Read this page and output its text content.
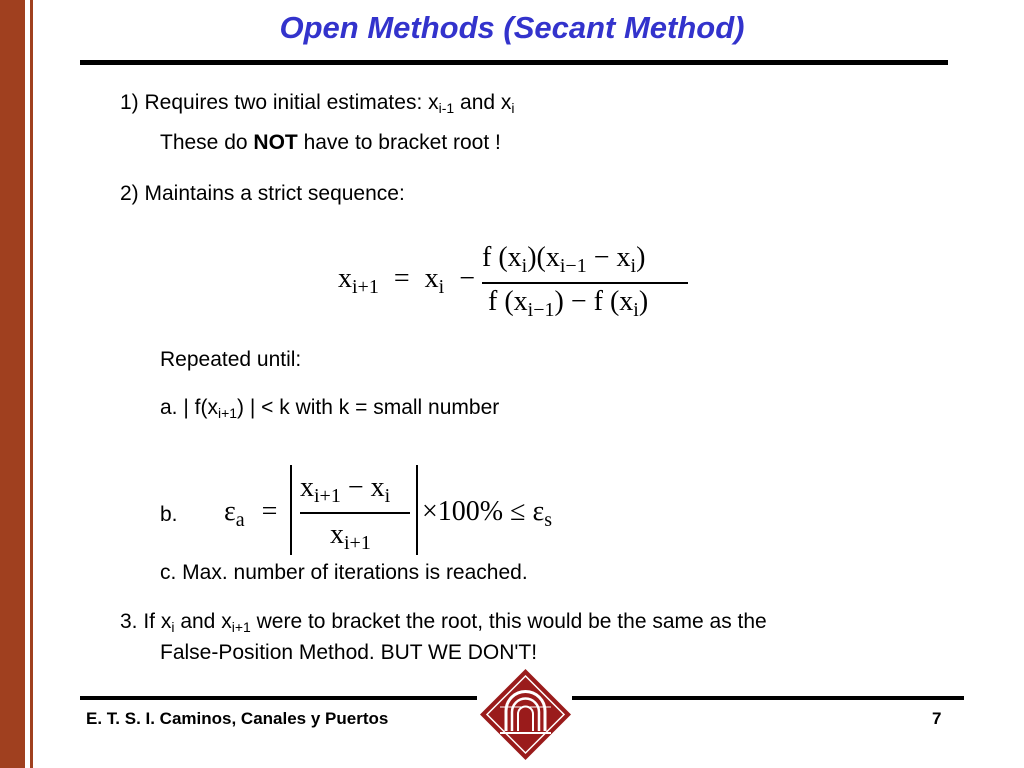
Open Methods (Secant Method)
1) Requires two initial estimates: $x_{i-1}$ and $x_i$
These do NOT have to bracket root !
2) Maintains a strict sequence:
$x_{i+1} = x_i$ −
f $(x_i)(x_{i-1} - x_i)$
f $(x_{i-1}) - f$ $(x_i)$
Repeated until:
a. | $f(x_{i+1})$ | < k with k = small number
b. $\varepsilon_a$ =
$x_{i+1} - x_i$
$x_{i+1}$
$\times 100\% \le \varepsilon_s$
c. Max. number of iterations is reached.
3. If $x_i$ and $x_{i+1}$ were to bracket the root, this would be the same as the
False-Position Method. BUT WE DON'T!
E. T. S. I. Caminos, Canales y Puertos	7
